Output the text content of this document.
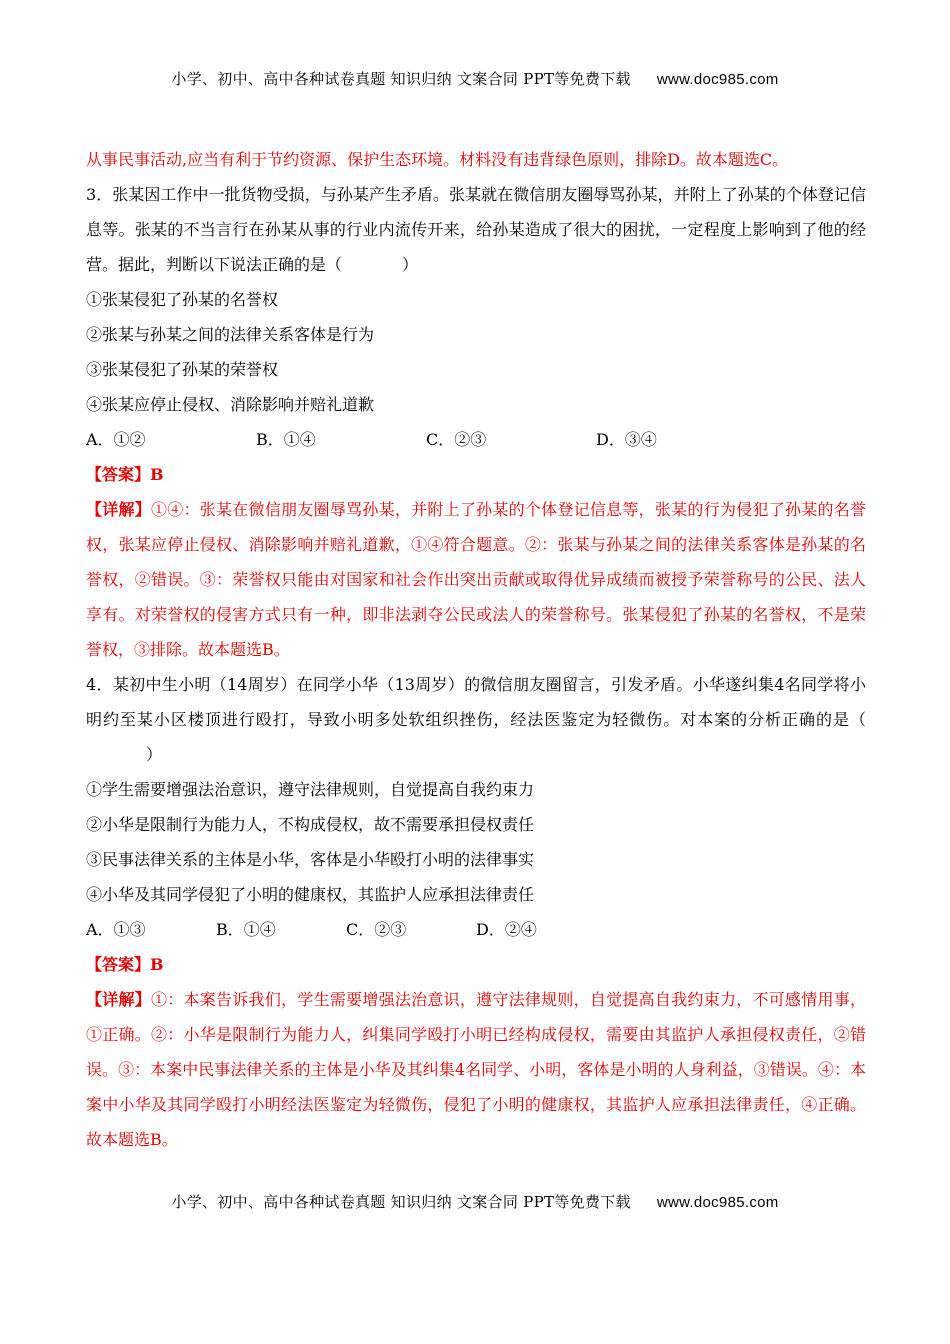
小学、初中、高中各种试卷真题 知识归纳 文案合同 PPT等免费下载 www.doc985.com

从事民事活动,应当有利于节约资源、保护生态环境。材料没有违背绿色原则，排除D。故本题选C。

3．张某因工作中一批货物受损，与孙某产生矛盾。张某就在微信朋友圈辱骂孙某，并附上了孙某的个体登记信息等。张某的不当言行在孙某从事的行业内流传开来，给孙某造成了很大的困扰，一定程度上影响到了他的经营。据此，判断以下说法正确的是（	）

①张某侵犯了孙某的名誉权

②张某与孙某之间的法律关系客体是行为

③张某侵犯了孙某的荣誉权

④张某应停止侵权、消除影响并赔礼道歉

A．①②	B．①④	C．②③	D．③④

【答案】B

【详解】①④：张某在微信朋友圈辱骂孙某，并附上了孙某的个体登记信息等，张某的行为侵犯了孙某的名誉权，张某应停止侵权、消除影响并赔礼道歉，①④符合题意。②：张某与孙某之间的法律关系客体是孙某的名誉权，②错误。③：荣誉权只能由对国家和社会作出突出贡献或取得优异成绩而被授予荣誉称号的公民、法人享有。对荣誉权的侵害方式只有一种，即非法剥夺公民或法人的荣誉称号。张某侵犯了孙某的名誉权，不是荣誉权，③排除。故本题选B。

4．某初中生小明（14周岁）在同学小华（13周岁）的微信朋友圈留言，引发矛盾。小华遂纠集4名同学将小明约至某小区楼顶进行殴打，导致小明多处软组织挫伤，经法医鉴定为轻微伤。对本案的分析正确的是（）

①学生需要增强法治意识，遵守法律规则，自觉提高自我约束力

②小华是限制行为能力人，不构成侵权，故不需要承担侵权责任

③民事法律关系的主体是小华，客体是小华殴打小明的法律事实

④小华及其同学侵犯了小明的健康权，其监护人应承担法律责任

A．①③	B．①④	C．②③	D．②④

【答案】B

【详解】①：本案告诉我们，学生需要增强法治意识，遵守法律规则，自觉提高自我约束力，不可感情用事，①正确。②：小华是限制行为能力人，纠集同学殴打小明已经构成侵权，需要由其监护人承担侵权责任，②错误。③：本案中民事法律关系的主体是小华及其纠集4名同学、小明，客体是小明的人身利益，③错误。④：本案中小华及其同学殴打小明经法医鉴定为轻微伤，侵犯了小明的健康权，其监护人应承担法律责任，④正确。故本题选B。

小学、初中、高中各种试卷真题 知识归纳 文案合同 PPT等免费下载 www.doc985.com
